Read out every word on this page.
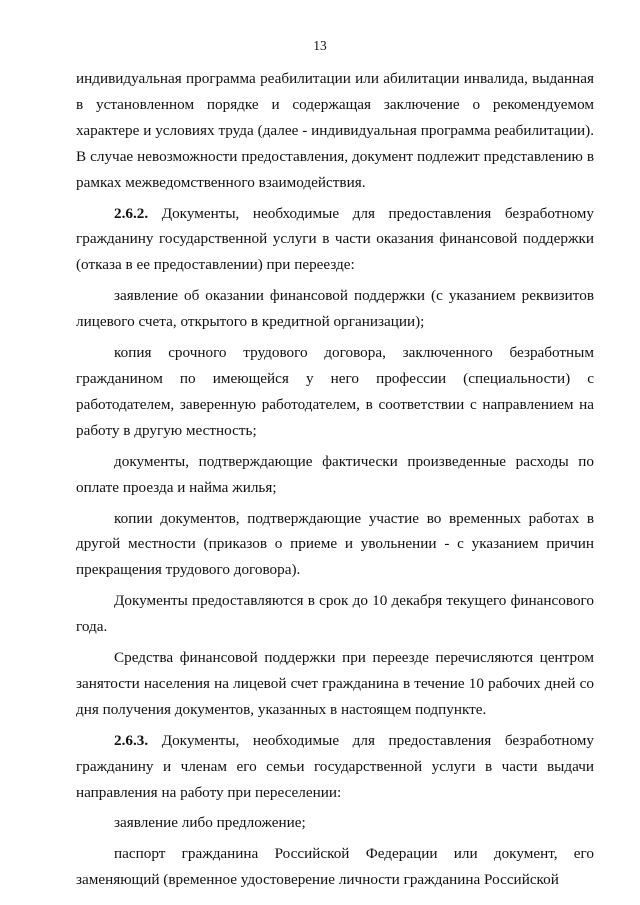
13

индивидуальная программа реабилитации или абилитации инвалида, выданная в установленном порядке и содержащая заключение о рекомендуемом характере и условиях труда (далее - индивидуальная программа реабилитации). В случае невозможности предоставления, документ подлежит представлению в рамках межведомственного взаимодействия.

2.6.2. Документы, необходимые для предоставления безработному гражданину государственной услуги в части оказания финансовой поддержки (отказа в ее предоставлении) при переезде:

заявление об оказании финансовой поддержки (с указанием реквизитов лицевого счета, открытого в кредитной организации);

копия срочного трудового договора, заключенного безработным гражданином по имеющейся у него профессии (специальности) с работодателем, заверенную работодателем, в соответствии с направлением на работу в другую местность;

документы, подтверждающие фактически произведенные расходы по оплате проезда и найма жилья;

копии документов, подтверждающие участие во временных работах в другой местности (приказов о приеме и увольнении - с указанием причин прекращения трудового договора).

Документы предоставляются в срок до 10 декабря текущего финансового года.

Средства финансовой поддержки при переезде перечисляются центром занятости населения на лицевой счет гражданина в течение 10 рабочих дней со дня получения документов, указанных в настоящем подпункте.

2.6.3. Документы, необходимые для предоставления безработному гражданину и членам его семьи государственной услуги в части выдачи направления на работу при переселении:

заявление либо предложение;

паспорт гражданина Российской Федерации или документ, его заменяющий (временное удостоверение личности гражданина Российской
